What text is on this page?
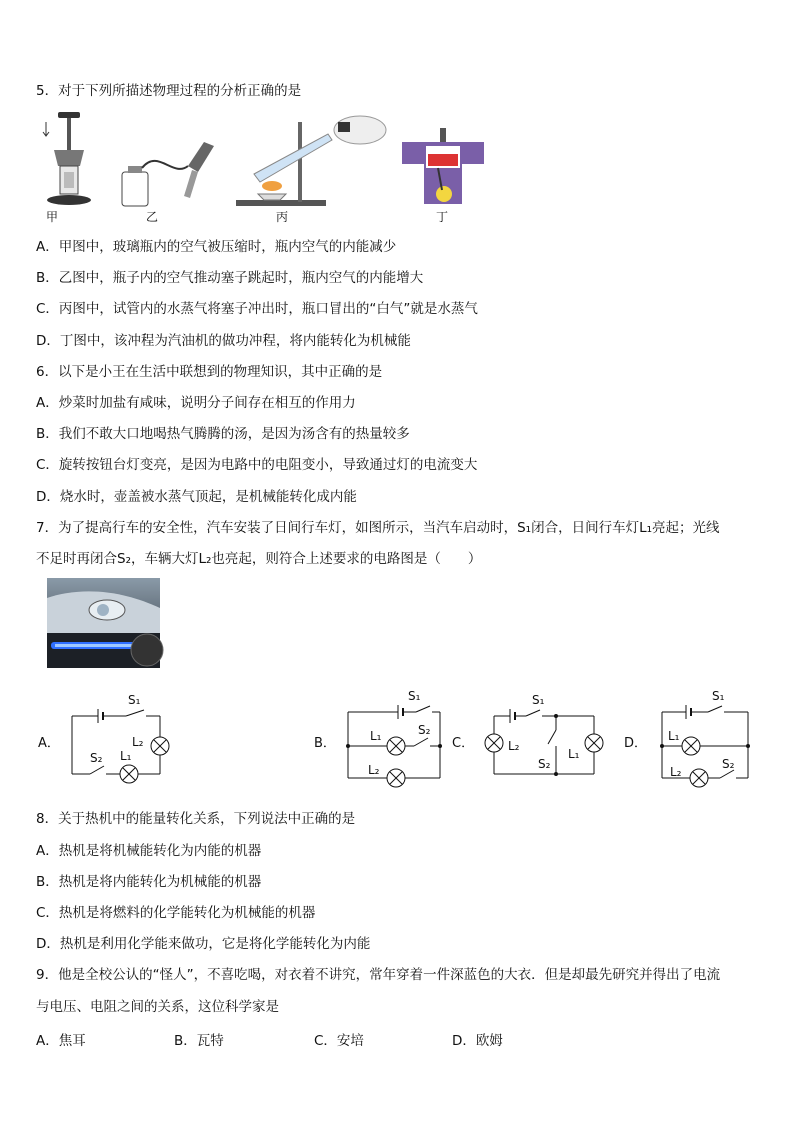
5．对于下列所描述物理过程的分析正确的是
甲	乙	丙	丁
A．甲图中，玻璃瓶内的空气被压缩时，瓶内空气的内能减少
B．乙图中，瓶子内的空气推动塞子跳起时，瓶内空气的内能增大
C．丙图中，试管内的水蒸气将塞子冲出时，瓶口冒出的“白气”就是水蒸气
D．丁图中，该冲程为汽油机的做功冲程，将内能转化为机械能
6．以下是小王在生活中联想到的物理知识，其中正确的是
A．炒菜时加盐有咸味，说明分子间存在相互的作用力
B．我们不敢大口地喝热气腾腾的汤，是因为汤含有的热量较多
C．旋转按钮台灯变亮，是因为电路中的电阻变小，导致通过灯的电流变大
D．烧水时，壶盖被水蒸气顶起，是机械能转化成内能
7．为了提高行车的安全性，汽车安装了日间行车灯，如图所示，当汽车启动时，S₁闭合，日间行车灯L₁亮起；光线
不足时再闭合S₂，车辆大灯L₂也亮起，则符合上述要求的电路图是（　　）
A．
S₁
S₂ L₁
L₂	B．
S₁
S₂
L₁
L₂
C．
S₁
S₂
L₁
L₂	D．
S₁
S₂
L₁
L₂
8．关于热机中的能量转化关系，下列说法中正确的是
A．热机是将机械能转化为内能的机器
B．热机是将内能转化为机械能的机器
C．热机是将燃料的化学能转化为机械能的机器
D．热机是利用化学能来做功，它是将化学能转化为内能
9．他是全校公认的“怪人”，不喜吃喝，对衣着不讲究，常年穿着一件深蓝色的大衣．但是却最先研究并得出了电流
与电压、电阻之间的关系，这位科学家是
A．焦耳	B．瓦特	C．安培	D．欧姆
